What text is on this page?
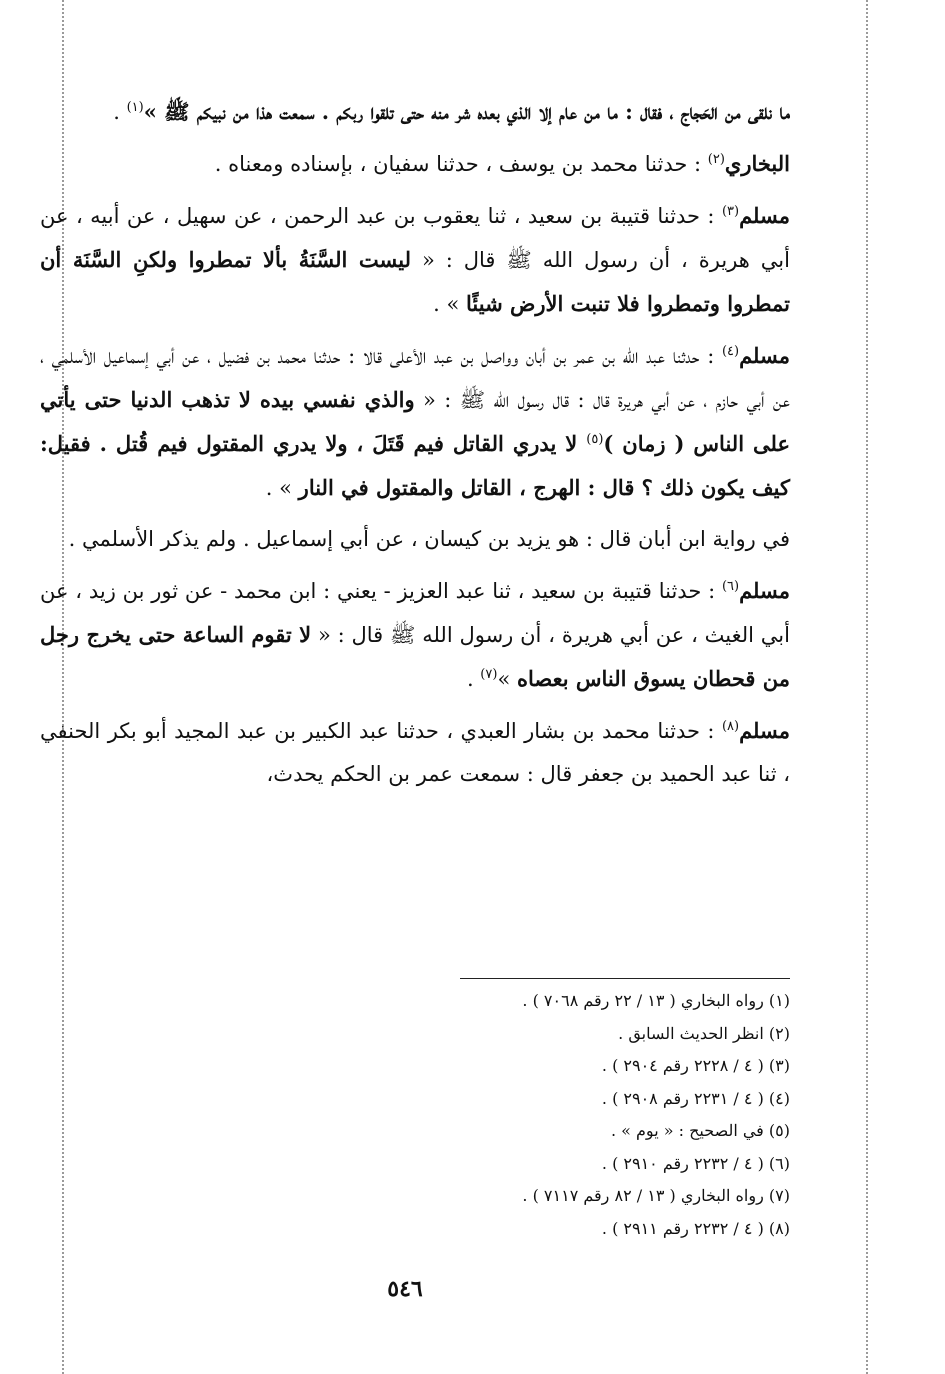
ما نلقى من الحَجاج ، فقال : ما من عام إلا الذي بعده شر منه حتى تلقوا ربكم . سمعت هذا من نبيكم ﷺ »$^{(١)}$ .

البخاري$^{(٢)}$ : حدثنا محمد بن يوسف ، حدثنا سفيان ، بإسناده ومعناه .

مسلم$^{(٣)}$ : حدثنا قتيبة بن سعيد ، ثنا يعقوب بن عبد الرحمن ، عن سهيل ، عن أبيه ، عن أبي هريرة ، أن رسول الله ﷺ قال : « ليست السَّنَةُ بألا تمطروا ولكنِ السَّنَة أن تمطروا وتمطروا فلا تنبت الأرض شيئًا » .

مسلم$^{(٤)}$ : حدثنا عبد الله بن عمر بن أبان وواصل بن عبد الأعلى قالا : حدثنا محمد بن فضيل ، عن أبي إسماعيل الأسلمي ، عن أبي حازم ، عن أبي هريرة قال : قال رسول الله ﷺ : « والذي نفسي بيده لا تذهب الدنيا حتى يأتي على الناس ( زمان )$^{(٥)}$ لا يدري القاتل فيم قَتَلَ ، ولا يدري المقتول فيم قُتل . فقيل: كيف يكون ذلك ؟ قال : الهرج ، القاتل والمقتول في النار » .

في رواية ابن أبان قال : هو يزيد بن كيسان ، عن أبي إسماعيل . ولم يذكر الأسلمي .

مسلم$^{(٦)}$ : حدثنا قتيبة بن سعيد ، ثنا عبد العزيز - يعني : ابن محمد - عن ثور بن زيد ، عن أبي الغيث ، عن أبي هريرة ، أن رسول الله ﷺ قال : « لا تقوم الساعة حتى يخرج رجل من قحطان يسوق الناس بعصاه »$^{(٧)}$ .

مسلم$^{(٨)}$ : حدثنا محمد بن بشار العبدي ، حدثنا عبد الكبير بن عبد المجيد أبو بكر الحنفي ، ثنا عبد الحميد بن جعفر قال : سمعت عمر بن الحكم يحدث،

(١) رواه البخاري ( ١٣ / ٢٢ رقم ٧٠٦٨ ) .
(٢) انظر الحديث السابق .
(٣) ( ٤ / ٢٢٢٨ رقم ٢٩٠٤ ) .
(٤) ( ٤ / ٢٢٣١ رقم ٢٩٠٨ ) .
(٥) في الصحيح : « يوم » .
(٦) ( ٤ / ٢٢٣٢ رقم ٢٩١٠ ) .
(٧) رواه البخاري ( ١٣ / ٨٢ رقم ٧١١٧ ) .
(٨) ( ٤ / ٢٢٣٢ رقم ٢٩١١ ) .
٥٤٦
